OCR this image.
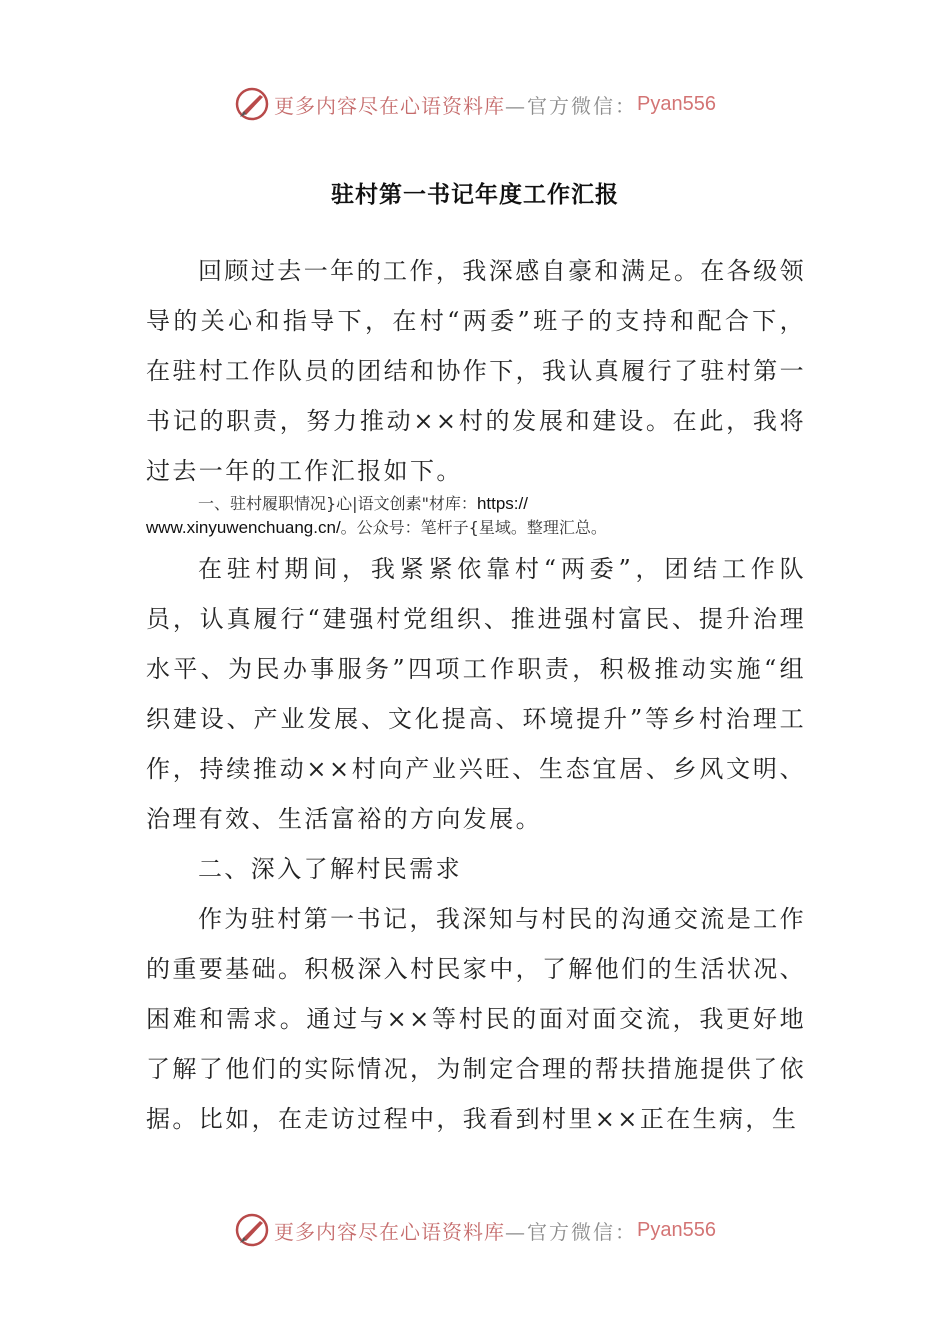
更多内容尽在心语资料库 —官方微信： Pyan556
驻村第一书记年度工作汇报
回顾过去一年的工作，我深感自豪和满足。在各级领导的关心和指导下，在村“两委”班子的支持和配合下，在驻村工作队员的团结和协作下，我认真履行了驻村第一书记的职责，努力推动××村的发展和建设。在此，我将过去一年的工作汇报如下。
一、驻村履职情况}心|语文创素"材库：https://
www.xinyuwenchuang.cn/。公众号：笔杆子{星域。整理汇总。
在驻村期间，我紧紧依靠村“两委”，团结工作队员，认真履行“建强村党组织、推进强村富民、提升治理水平、为民办事服务”四项工作职责，积极推动实施“组织建设、产业发展、文化提高、环境提升”等乡村治理工作，持续推动××村向产业兴旺、生态宜居、乡风文明、治理有效、生活富裕的方向发展。
二、深入了解村民需求
作为驻村第一书记，我深知与村民的沟通交流是工作的重要基础。积极深入村民家中，了解他们的生活状况、困难和需求。通过与××等村民的面对面交流，我更好地了解了他们的实际情况，为制定合理的帮扶措施提供了依据。比如，在走访过程中，我看到村里××正在生病，生
更多内容尽在心语资料库 —官方微信： Pyan556
